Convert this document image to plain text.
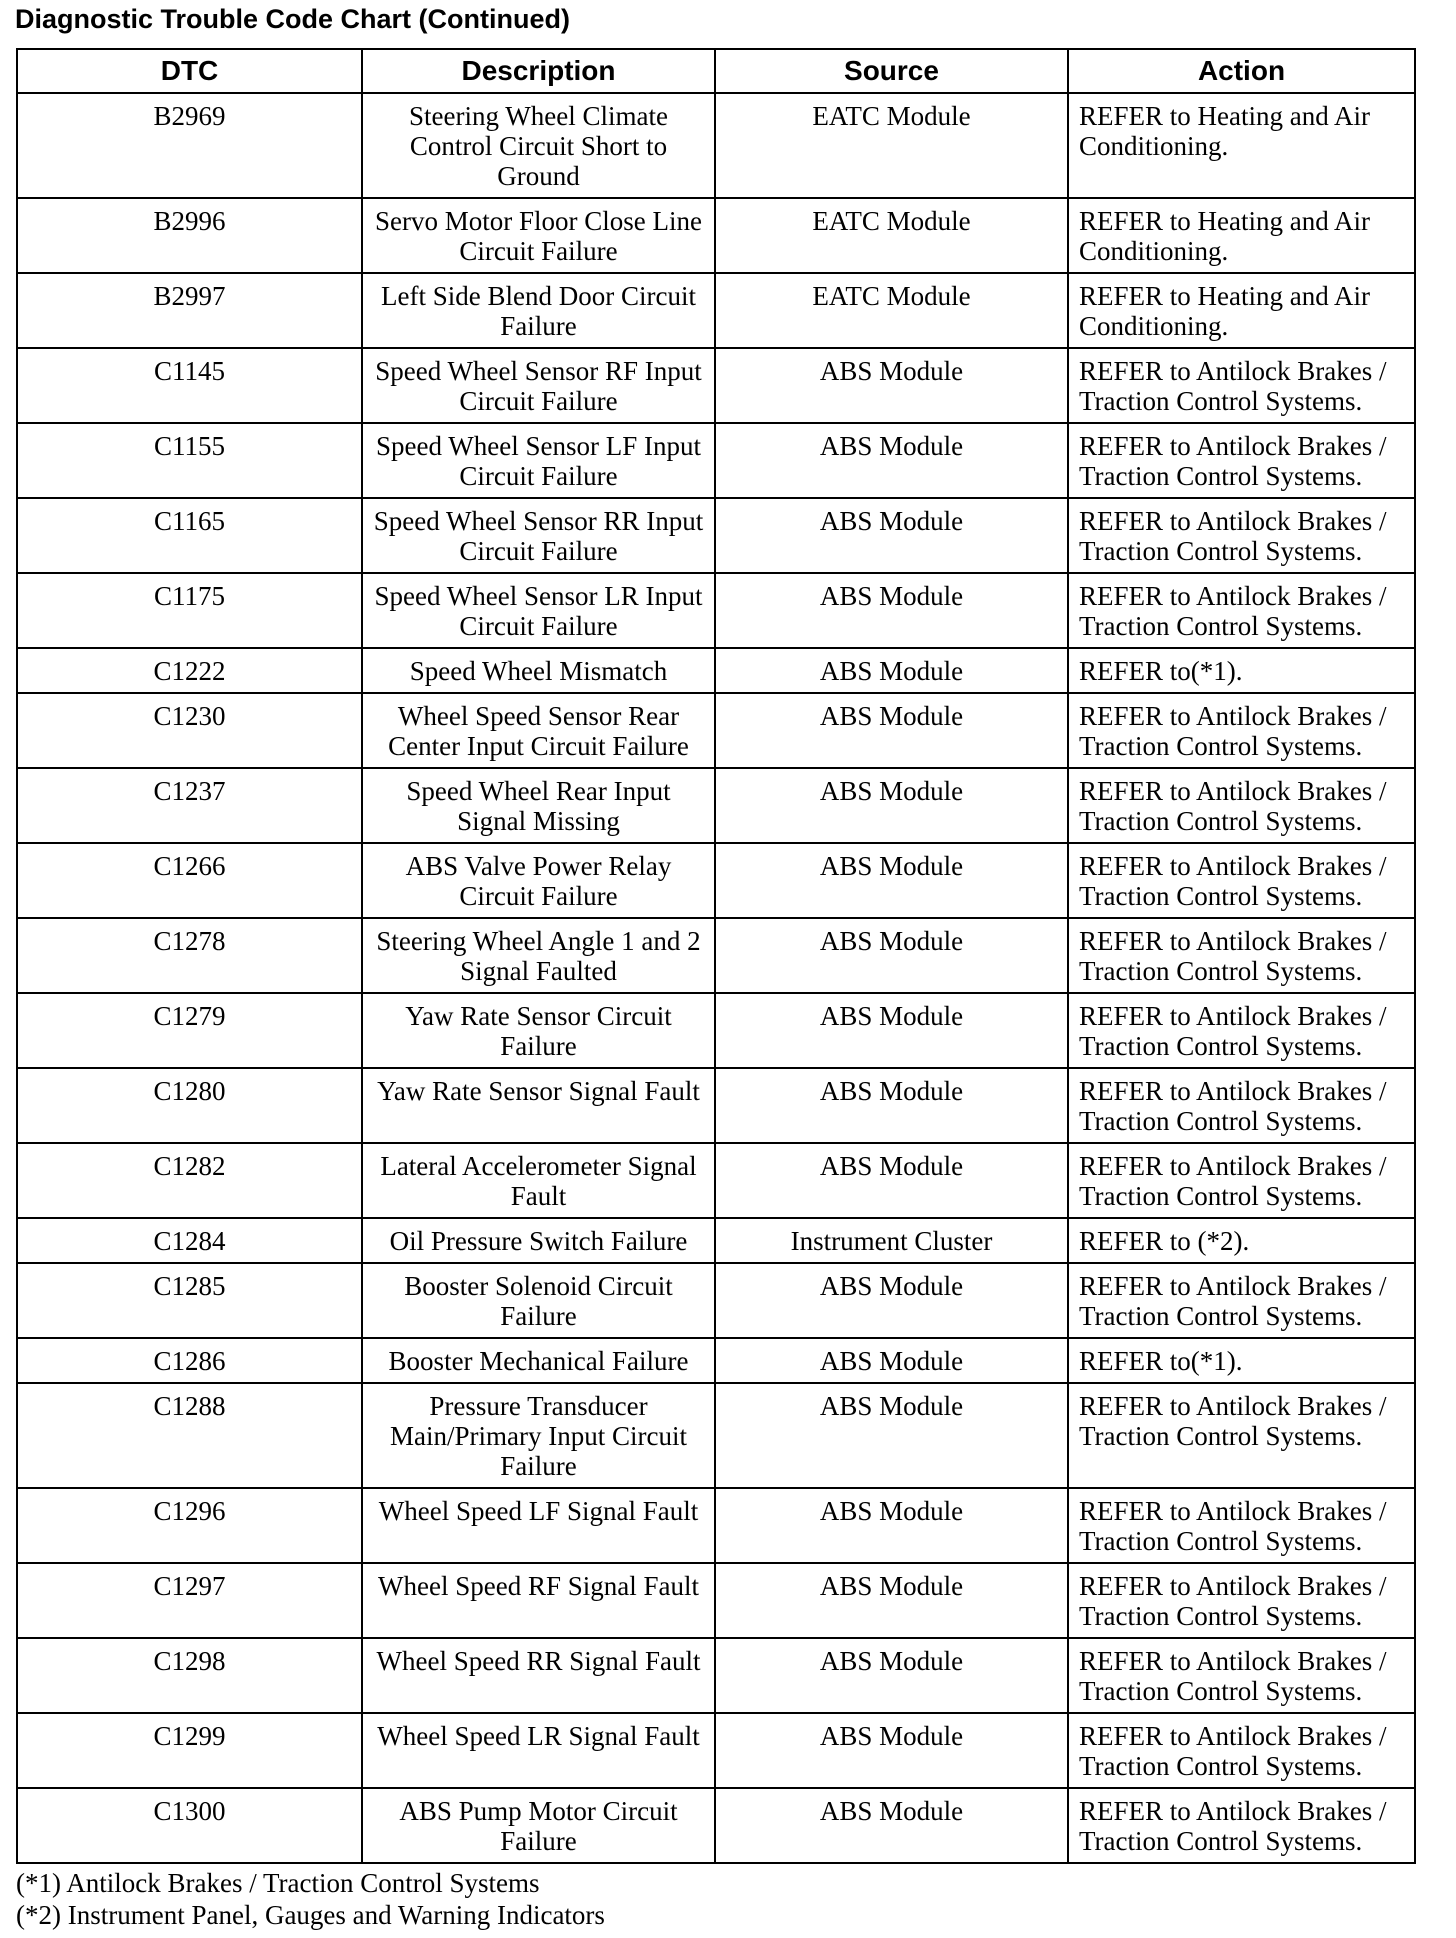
Diagnostic Trouble Code Chart (Continued)
DTC	Description	Source	Action
B2969	Steering Wheel Climate Control Circuit Short to Ground	EATC Module	REFER to Heating and Air Conditioning.
B2996	Servo Motor Floor Close Line Circuit Failure	EATC Module	REFER to Heating and Air Conditioning.
B2997	Left Side Blend Door Circuit Failure	EATC Module	REFER to Heating and Air Conditioning.
C1145	Speed Wheel Sensor RF Input Circuit Failure	ABS Module	REFER to Antilock Brakes / Traction Control Systems.
C1155	Speed Wheel Sensor LF Input Circuit Failure	ABS Module	REFER to Antilock Brakes / Traction Control Systems.
C1165	Speed Wheel Sensor RR Input Circuit Failure	ABS Module	REFER to Antilock Brakes / Traction Control Systems.
C1175	Speed Wheel Sensor LR Input Circuit Failure	ABS Module	REFER to Antilock Brakes / Traction Control Systems.
C1222	Speed Wheel Mismatch	ABS Module	REFER to(*1).
C1230	Wheel Speed Sensor Rear Center Input Circuit Failure	ABS Module	REFER to Antilock Brakes / Traction Control Systems.
C1237	Speed Wheel Rear Input Signal Missing	ABS Module	REFER to Antilock Brakes / Traction Control Systems.
C1266	ABS Valve Power Relay Circuit Failure	ABS Module	REFER to Antilock Brakes / Traction Control Systems.
C1278	Steering Wheel Angle 1 and 2 Signal Faulted	ABS Module	REFER to Antilock Brakes / Traction Control Systems.
C1279	Yaw Rate Sensor Circuit Failure	ABS Module	REFER to Antilock Brakes / Traction Control Systems.
C1280	Yaw Rate Sensor Signal Fault	ABS Module	REFER to Antilock Brakes / Traction Control Systems.
C1282	Lateral Accelerometer Signal Fault	ABS Module	REFER to Antilock Brakes / Traction Control Systems.
C1284	Oil Pressure Switch Failure	Instrument Cluster	REFER to (*2).
C1285	Booster Solenoid Circuit Failure	ABS Module	REFER to Antilock Brakes / Traction Control Systems.
C1286	Booster Mechanical Failure	ABS Module	REFER to(*1).
C1288	Pressure Transducer Main/Primary Input Circuit Failure	ABS Module	REFER to Antilock Brakes / Traction Control Systems.
C1296	Wheel Speed LF Signal Fault	ABS Module	REFER to Antilock Brakes / Traction Control Systems.
C1297	Wheel Speed RF Signal Fault	ABS Module	REFER to Antilock Brakes / Traction Control Systems.
C1298	Wheel Speed RR Signal Fault	ABS Module	REFER to Antilock Brakes / Traction Control Systems.
C1299	Wheel Speed LR Signal Fault	ABS Module	REFER to Antilock Brakes / Traction Control Systems.
C1300	ABS Pump Motor Circuit Failure	ABS Module	REFER to Antilock Brakes / Traction Control Systems.
(*1) Antilock Brakes / Traction Control Systems
(*2) Instrument Panel, Gauges and Warning Indicators
